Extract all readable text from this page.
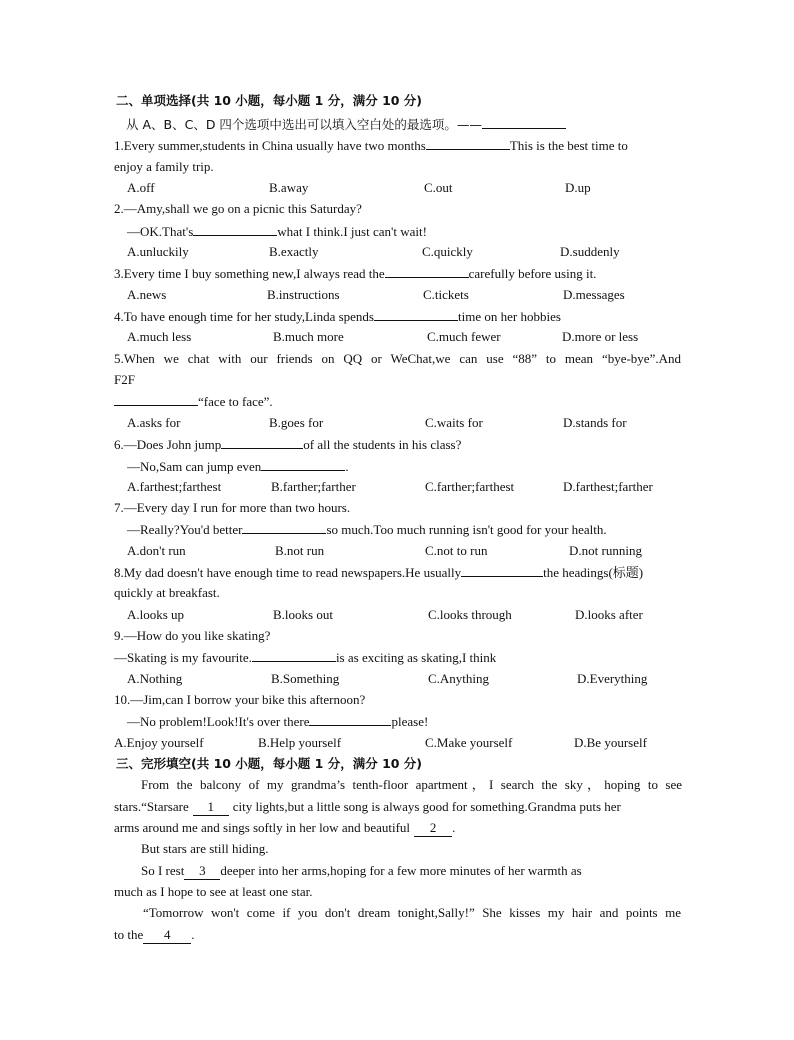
二、单项选择(共 10 小题，每小题 1 分，满分 10 分)
从 A、B、C、D 四个选项中选出可以填入空白处的最选项。——
1.Every summer,students in China usually have two months	This is the best time to
enjoy a family trip.
A.off	B.away	C.out	D.up
2.—Amy,shall we go on a picnic this Saturday?
—OK.That's	what I think.I just can't wait!
A.unluckily	B.exactly	C.quickly	D.suddenly
3.Every time I buy something new,I always read the	carefully before using it.
A.news	B.instructions	C.tickets	D.messages
4.To have enough time for her study,Linda spends	time on her hobbies
A.much less	B.much more	C.much fewer	D.more or less
5.When we chat with our friends on QQ or WeChat,we can use “88” to mean “bye-bye”.And
F2F
“face to face”.
A.asks for	B.goes for	C.waits for	D.stands for
6.—Does John jump	of all the students in his class?
—No,Sam can jump even	.
A.farthest;farthest	B.farther;farther	C.farther;farthest	D.farthest;farther
7.—Every day I run for more than two hours.
—Really?You'd better	so much.Too much running isn't good for your health.
A.don't run	B.not run	C.not to run	D.not running
8.My dad doesn't have enough time to read newspapers.He usually	the headings(标题)
quickly at breakfast.
A.looks up	B.looks out	C.looks through	D.looks after
9.—How do you like skating?
—Skating is my favourite.	is as exciting as skating,I think
A.Nothing	B.Something	C.Anything	D.Everything
10.—Jim,can I borrow your bike this afternoon?
—No problem!Look!It's over there	please!
A.Enjoy yourself	B.Help yourself	C.Make yourself	D.Be yourself
三、完形填空(共 10 小题，每小题 1 分，满分 10 分)
From the balcony of my grandma’s tenth-floor apartment，I search the sky，hoping to see
stars.“Starsare 1 city lights,but a little song is always good for something.Grandma puts her
arms around me and sings softly in her low and beautiful 2 .
But stars are still hiding.
So I rest 3 deeper into her arms,hoping for a few more minutes of her warmth as
much as I hope to see at least one star.
“Tomorrow won't come if you don't dream tonight,Sally!” She kisses my hair and points me
to the 4 .
